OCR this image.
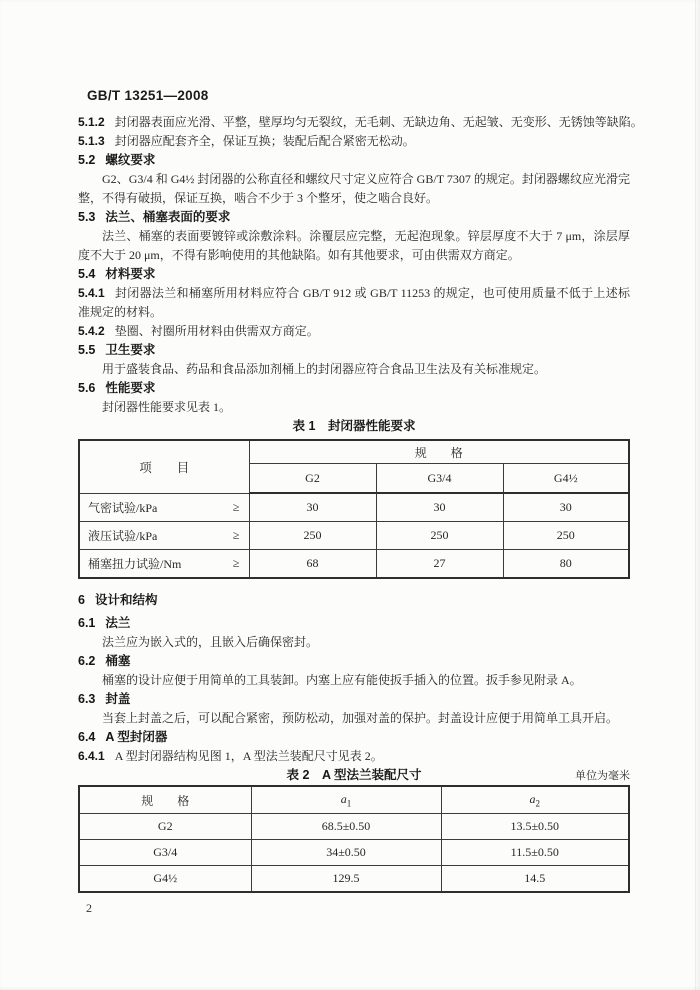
GB/T 13251—2008
5.1.2 封闭器表面应光滑、平整，壁厚均匀无裂纹，无毛刺、无缺边角、无起皱、无变形、无锈蚀等缺陷。
5.1.3 封闭器应配套齐全，保证互换；装配后配合紧密无松动。
5.2 螺纹要求
G2、G3/4 和 G4½ 封闭器的公称直径和螺纹尺寸定义应符合 GB/T 7307 的规定。封闭器螺纹应光滑完整，不得有破损，保证互换，啮合不少于 3 个整牙，使之啮合良好。
5.3 法兰、桶塞表面的要求
法兰、桶塞的表面要镀锌或涂敷涂料。涂覆层应完整，无起泡现象。锌层厚度不大于 7 μm，涂层厚度不大于 20 μm，不得有影响使用的其他缺陷。如有其他要求，可由供需双方商定。
5.4 材料要求
5.4.1 封闭器法兰和桶塞所用材料应符合 GB/T 912 或 GB/T 11253 的规定，也可使用质量不低于上述标准规定的材料。
5.4.2 垫圈、衬圈所用材料由供需双方商定。
5.5 卫生要求
用于盛装食品、药品和食品添加剂桶上的封闭器应符合食品卫生法及有关标准规定。
5.6 性能要求
封闭器性能要求见表 1。
表 1　封闭器性能要求
项　　目	规　　格		
	G2	G3/4	G4½

气密试验/kPa ≥	30	30	30

液压试验/kPa ≥	250	250	250

桶塞扭力试验/Nm ≥	68	27	80
6 设计和结构
6.1 法兰
法兰应为嵌入式的，且嵌入后确保密封。
6.2 桶塞
桶塞的设计应便于用简单的工具装卸。内塞上应有能使扳手插入的位置。扳手参见附录 A。
6.3 封盖
当套上封盖之后，可以配合紧密，预防松动，加强对盖的保护。封盖设计应便于用简单工具开启。
6.4 A 型封闭器
6.4.1 A 型封闭器结构见图 1，A 型法兰装配尺寸见表 2。
表 2　A 型法兰装配尺寸	单位为毫米
规　　格	$a_1$	$a_2$
G2	68.5±0.50	13.5±0.50
G3/4	34±0.50	11.5±0.50
G4½	129.5	14.5
2
